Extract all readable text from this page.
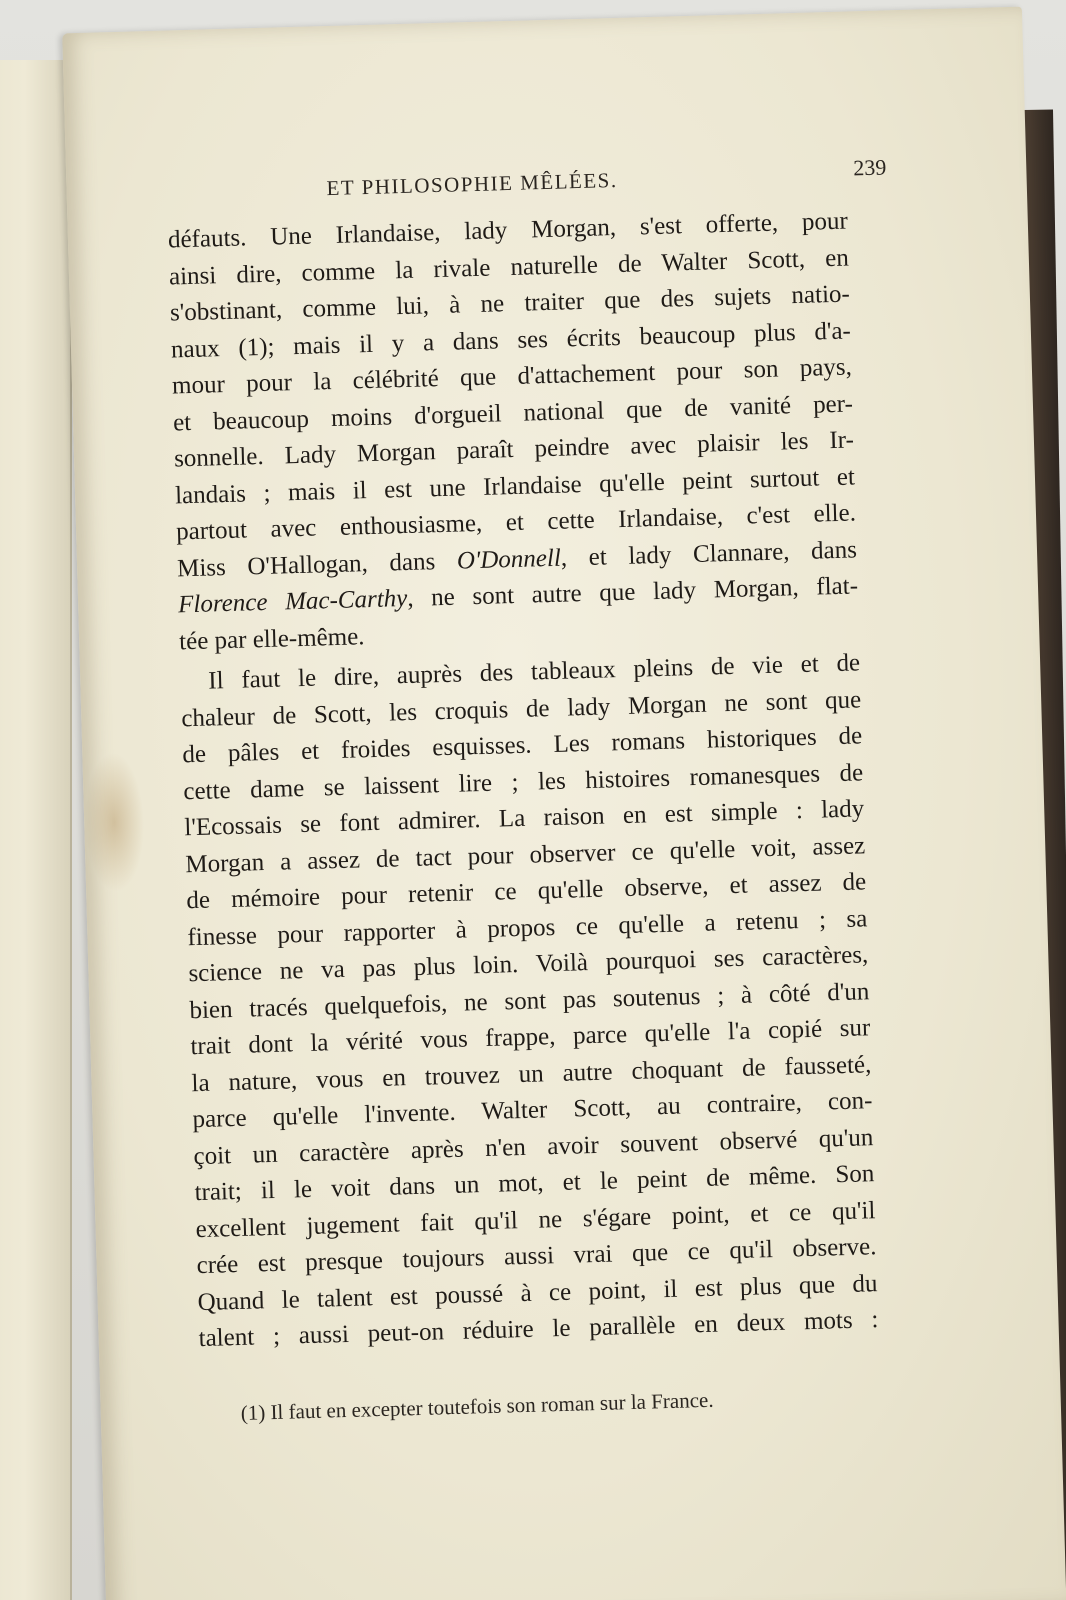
ET PHILOSOPHIE MÊLÉES.
239
défauts. Une Irlandaise, lady Morgan, s'est offerte, pour
ainsi dire, comme la rivale naturelle de Walter Scott, en
s'obstinant, comme lui, à ne traiter que des sujets natio-
naux (1); mais il y a dans ses écrits beaucoup plus d'a-
mour pour la célébrité que d'attachement pour son pays,
et beaucoup moins d'orgueil national que de vanité per-
sonnelle. Lady Morgan paraît peindre avec plaisir les Ir-
landais ; mais il est une Irlandaise qu'elle peint surtout et
partout avec enthousiasme, et cette Irlandaise, c'est elle.
Miss O'Hallogan, dans O'Donnell, et lady Clannare, dans
Florence Mac-Carthy, ne sont autre que lady Morgan, flat-
tée par elle-même.
Il faut le dire, auprès des tableaux pleins de vie et de
chaleur de Scott, les croquis de lady Morgan ne sont que
de pâles et froides esquisses. Les romans historiques de
cette dame se laissent lire ; les histoires romanesques de
l'Ecossais se font admirer. La raison en est simple : lady
Morgan a assez de tact pour observer ce qu'elle voit, assez
de mémoire pour retenir ce qu'elle observe, et assez de
finesse pour rapporter à propos ce qu'elle a retenu ; sa
science ne va pas plus loin. Voilà pourquoi ses caractères,
bien tracés quelquefois, ne sont pas soutenus ; à côté d'un
trait dont la vérité vous frappe, parce qu'elle l'a copié sur
la nature, vous en trouvez un autre choquant de fausseté,
parce qu'elle l'invente. Walter Scott, au contraire, con-
çoit un caractère après n'en avoir souvent observé qu'un
trait; il le voit dans un mot, et le peint de même. Son
excellent jugement fait qu'il ne s'égare point, et ce qu'il
crée est presque toujours aussi vrai que ce qu'il observe.
Quand le talent est poussé à ce point, il est plus que du
talent ; aussi peut-on réduire le parallèle en deux mots :
(1) Il faut en excepter toutefois son roman sur la France.
